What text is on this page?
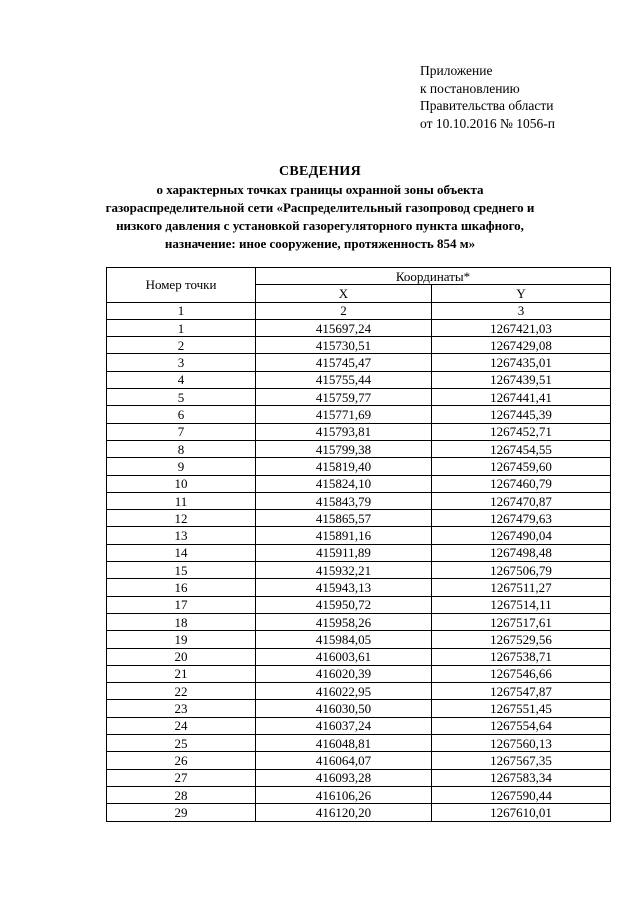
Приложение
к постановлению
Правительства области
от 10.10.2016 № 1056-п
СВЕДЕНИЯ
о характерных точках границы охранной зоны объекта
газораспределительной сети «Распределительный газопровод среднего и
низкого давления с установкой газорегуляторного пункта шкафного,
назначение: иное сооружение, протяженность 854 м»
Номер точки	Координаты*	
	X	Y
1	2	3
1	415697,24	1267421,03
2	415730,51	1267429,08
3	415745,47	1267435,01
4	415755,44	1267439,51
5	415759,77	1267441,41
6	415771,69	1267445,39
7	415793,81	1267452,71
8	415799,38	1267454,55
9	415819,40	1267459,60
10	415824,10	1267460,79
11	415843,79	1267470,87
12	415865,57	1267479,63
13	415891,16	1267490,04
14	415911,89	1267498,48
15	415932,21	1267506,79
16	415943,13	1267511,27
17	415950,72	1267514,11
18	415958,26	1267517,61
19	415984,05	1267529,56
20	416003,61	1267538,71
21	416020,39	1267546,66
22	416022,95	1267547,87
23	416030,50	1267551,45
24	416037,24	1267554,64
25	416048,81	1267560,13
26	416064,07	1267567,35
27	416093,28	1267583,34
28	416106,26	1267590,44
29	416120,20	1267610,01
